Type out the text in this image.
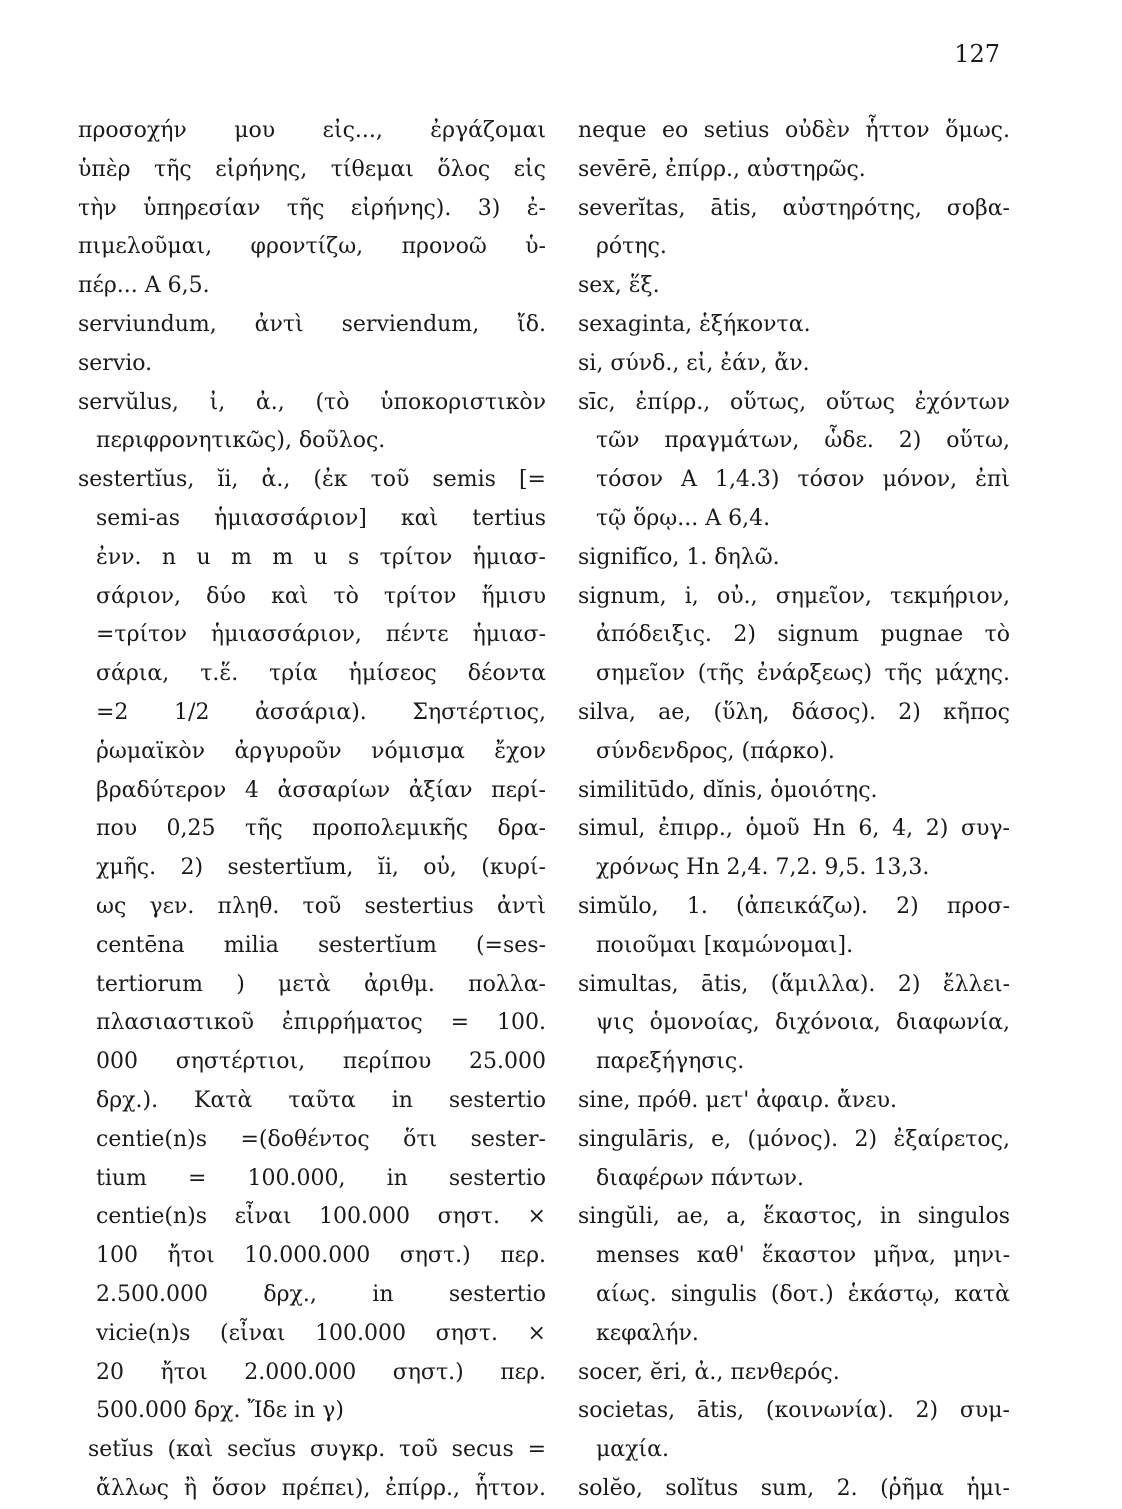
127
προσοχήν μου εἰς..., ἐργάζομαι
ὑπὲρ τῆς εἰρήνης, τίθεμαι ὅλος εἰς
τὴν ὑπηρεσίαν τῆς εἰρήνης). 3) ἐ-
πιμελοῦμαι, φροντίζω, προνοῶ ὑ-
πέρ... Α 6,5.
serviundum, ἀντὶ serviendum, ἴδ.
servio.
servŭlus, ἰ, ἀ., (τὸ ὑποκοριστικὸν
περιφρονητικῶς), δοῦλος.
sestertĭus, ĭi, ἀ., (ἐκ τοῦ semis [=
semi-as ἡμιασσάριον] καὶ tertius
ἐνν. n u m m u s τρίτον ἡμιασ-
σάριον, δύο καὶ τὸ τρίτον ἥμισυ
=τρίτον ἡμιασσάριον, πέντε ἡμιασ-
σάρια, τ.ἕ. τρία ἡμίσεος δέοντα
=2 1/2 ἀσσάρια). Σηστέρτιος,
ῥωμαϊκὸν ἀργυροῦν νόμισμα ἔχον
βραδύτερον 4 ἀσσαρίων ἀξίαν περί-
που 0,25 τῆς προπολεμικῆς δρα-
χμῆς. 2) sestertĭum, ĭi, οὐ, (κυρί-
ως γεν. πληθ. τοῦ sestertius ἀντὶ
centēna milia sestertĭum (=ses-
tertiorum ) μετὰ ἀριθμ. πολλα-
πλασιαστικοῦ ἐπιρρήματος = 100.
000 σηστέρτιοι, περίπου 25.000
δρχ.). Κατὰ ταῦτα in sestertio
centie(n)s =(δοθέντος ὅτι sester-
tium = 100.000, in sestertio
centie(n)s εἶναι 100.000 σηστ. ×
100 ἤτοι 10.000.000 σηστ.) περ.
2.500.000 δρχ., in sestertio
vicie(n)s (εἶναι 100.000 σηστ. ×
20 ἤτοι 2.000.000 σηστ.) περ.
500.000 δρχ. Ἴδε in γ)
setĭus (καὶ secĭus συγκρ. τοῦ secus =
ἄλλως ἢ ὅσον πρέπει), ἐπίρρ., ἧττον.
neque eo setius οὐδὲν ἧττον ὅμως.
sevērē, ἐπίρρ., αὐστηρῶς.
severĭtas, ātis, αὐστηρότης, σοβα-
ρότης.
sex, ἕξ.
sexaginta, ἑξήκοντα.
si, σύνδ., εἰ, ἐάν, ἄν.
sīc, ἐπίρρ., οὕτως, οὕτως ἐχόντων
τῶν πραγμάτων, ὧδε. 2) οὕτω,
τόσον Α 1,4.3) τόσον μόνον, ἐπὶ
τῷ ὅρῳ... Α 6,4.
signifĭco, 1. δηλῶ.
signum, i, οὐ., σημεῖον, τεκμήριον,
ἀπόδειξις. 2) signum pugnae τὸ
σημεῖον (τῆς ἐνάρξεως) τῆς μάχης.
silva, ae, (ὕλη, δάσος). 2) κῆπος
σύνδενδρος, (πάρκο).
similitūdo, dĭnis, ὁμοιότης.
simul, ἐπιρρ., ὁμοῦ Ηn 6, 4, 2) συγ-
χρόνως Ηn 2,4. 7,2. 9,5. 13,3.
simŭlo, 1. (ἀπεικάζω). 2) προσ-
ποιοῦμαι [καμώνομαι].
simultas, ātis, (ἅμιλλα). 2) ἔλλει-
ψις ὁμονοίας, διχόνοια, διαφωνία,
παρεξήγησις.
sine, πρόθ. μετ' ἀφαιρ. ἄνευ.
singulāris, e, (μόνος). 2) ἐξαίρετος,
διαφέρων πάντων.
singŭli, ae, a, ἕκαστος, in singulos
menses καθ' ἕκαστον μῆνα, μηνι-
αίως. singulis (δοτ.) ἑκάστῳ, κατὰ
κεφαλήν.
socer, ĕri, ἀ., πενθερός.
societas, ātis, (κοινωνία). 2) συμ-
μαχία.
solĕo, solĭtus sum, 2. (ῥῆμα ἡμι-
